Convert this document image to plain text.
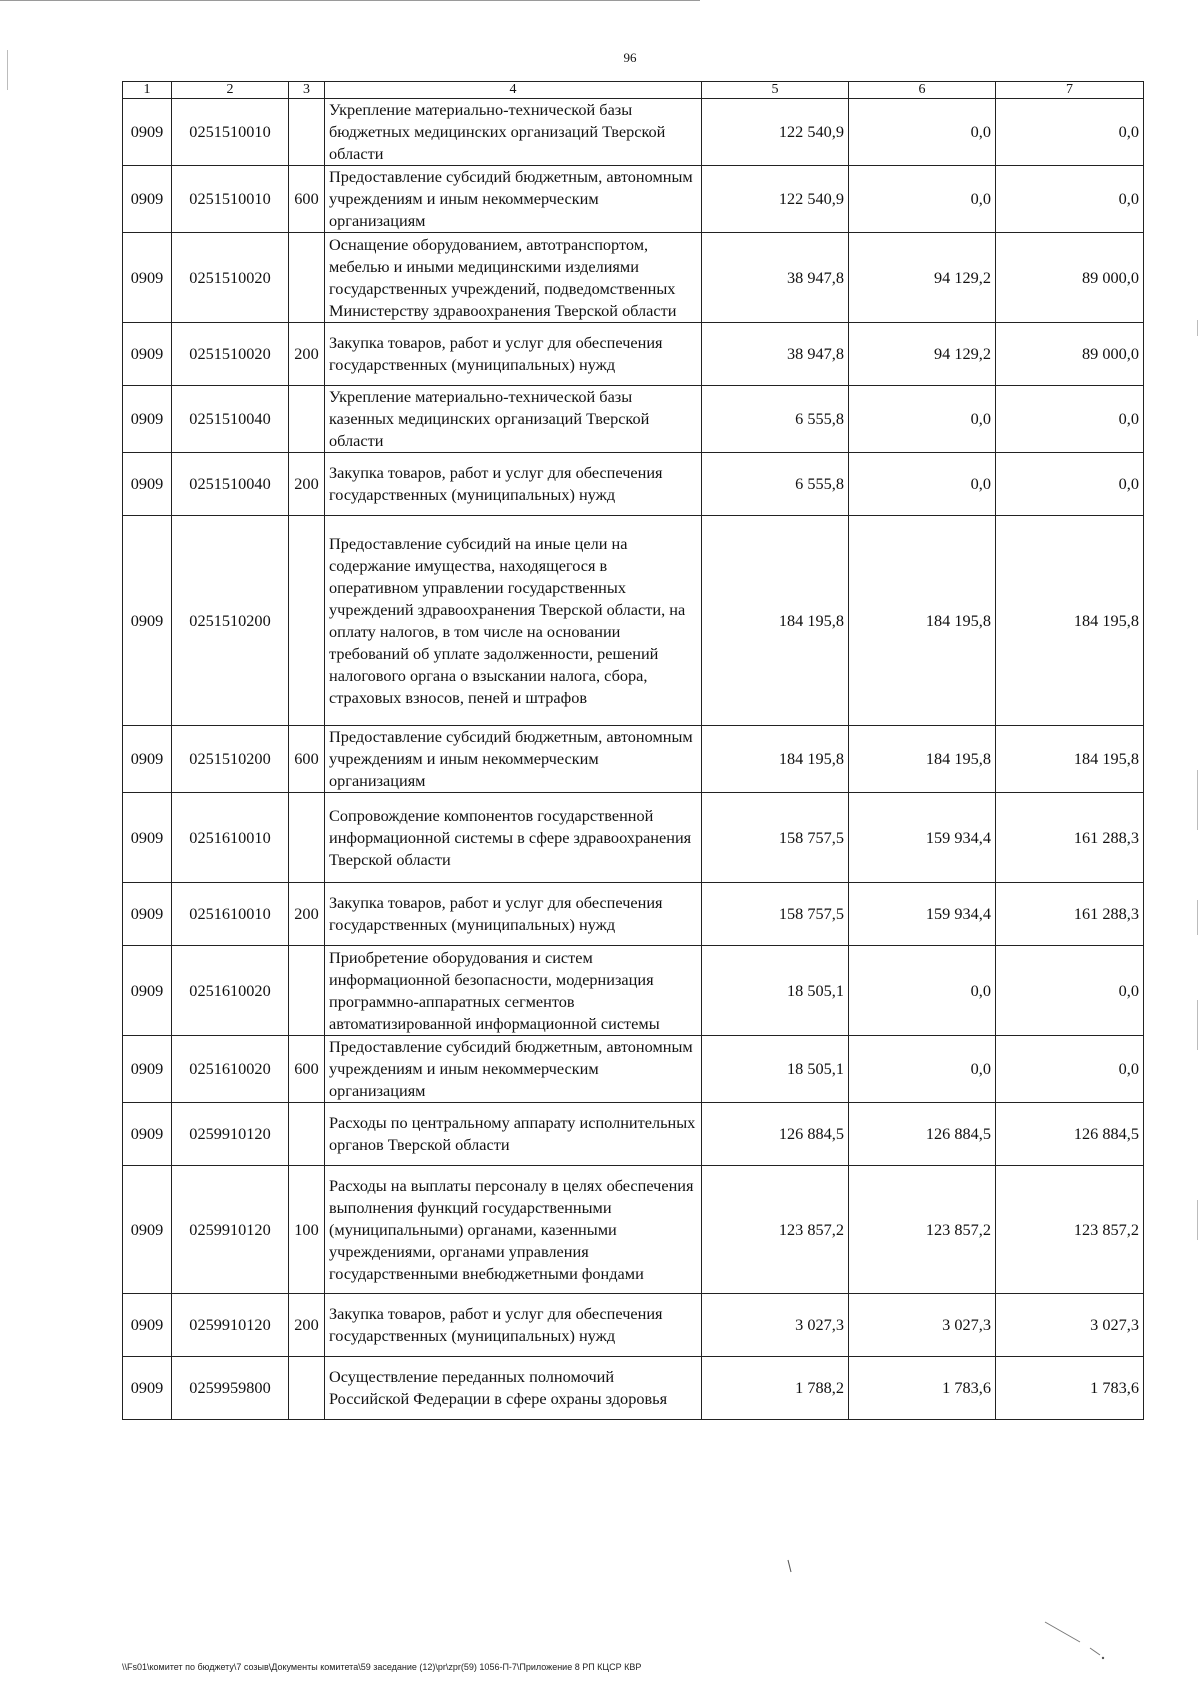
96
1	2	3	4	5	6	7
0909	0251510010		Укрепление материально-технической базы бюджетных медицинских организаций Тверской области	122 540,9	0,0	0,0
0909	0251510010	600	Предоставление субсидий бюджетным, автономным учреждениям и иным некоммерческим организациям	122 540,9	0,0	0,0
0909	0251510020		Оснащение оборудованием, автотранспортом, мебелью и иными медицинскими изделиями государственных учреждений, подведомственных Министерству здравоохранения Тверской области	38 947,8	94 129,2	89 000,0
0909	0251510020	200	Закупка товаров, работ и услуг для обеспечения государственных (муниципальных) нужд	38 947,8	94 129,2	89 000,0
0909	0251510040		Укрепление материально-технической базы казенных медицинских организаций Тверской области	6 555,8	0,0	0,0
0909	0251510040	200	Закупка товаров, работ и услуг для обеспечения государственных (муниципальных) нужд	6 555,8	0,0	0,0
0909	0251510200		Предоставление субсидий на иные цели на содержание имущества, находящегося в оперативном управлении государственных учреждений здравоохранения Тверской области, на оплату налогов, в том числе на основании требований об уплате задолженности, решений налогового органа о взыскании налога, сбора, страховых взносов, пеней и штрафов	184 195,8	184 195,8	184 195,8
0909	0251510200	600	Предоставление субсидий бюджетным, автономным учреждениям и иным некоммерческим организациям	184 195,8	184 195,8	184 195,8
0909	0251610010		Сопровождение компонентов государственной информационной системы в сфере здравоохранения Тверской области	158 757,5	159 934,4	161 288,3
0909	0251610010	200	Закупка товаров, работ и услуг для обеспечения государственных (муниципальных) нужд	158 757,5	159 934,4	161 288,3
0909	0251610020		Приобретение оборудования и систем информационной безопасности, модернизация программно-аппаратных сегментов автоматизированной информационной системы	18 505,1	0,0	0,0
0909	0251610020	600	Предоставление субсидий бюджетным, автономным учреждениям и иным некоммерческим организациям	18 505,1	0,0	0,0
0909	0259910120		Расходы по центральному аппарату исполнительных органов Тверской области	126 884,5	126 884,5	126 884,5
0909	0259910120	100	Расходы на выплаты персоналу в целях обеспечения выполнения функций государственными (муниципальными) органами, казенными учреждениями, органами управления государственными внебюджетными фондами	123 857,2	123 857,2	123 857,2
0909	0259910120	200	Закупка товаров, работ и услуг для обеспечения государственных (муниципальных) нужд	3 027,3	3 027,3	3 027,3
0909	0259959800		Осуществление переданных полномочий Российской Федерации в сфере охраны здоровья	1 788,2	1 783,6	1 783,6
\\Fs01\комитет по бюджету\7 созыв\Документы комитета\59 заседание (12)\pr\zpr(59) 1056-П-7\Приложение 8 РП КЦСР КВР
